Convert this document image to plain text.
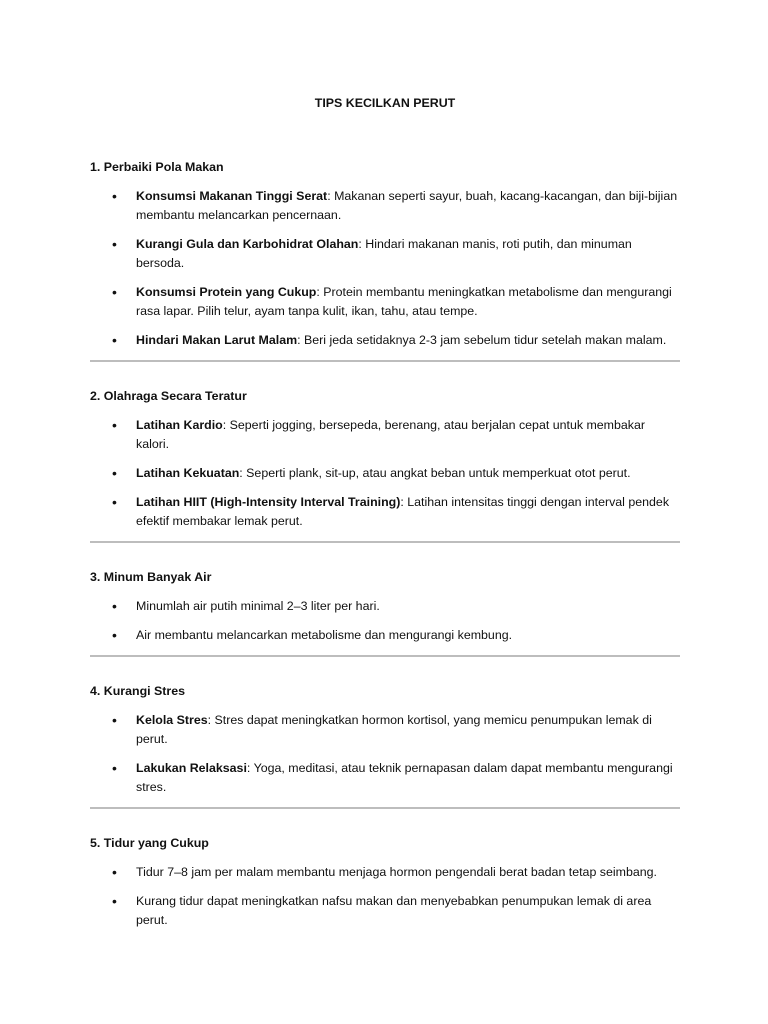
TIPS KECILKAN PERUT
1. Perbaiki Pola Makan
• Konsumsi Makanan Tinggi Serat: Makanan seperti sayur, buah, kacang-kacangan, dan biji-bijian membantu melancarkan pencernaan.
• Kurangi Gula dan Karbohidrat Olahan: Hindari makanan manis, roti putih, dan minuman bersoda.
• Konsumsi Protein yang Cukup: Protein membantu meningkatkan metabolisme dan mengurangi rasa lapar. Pilih telur, ayam tanpa kulit, ikan, tahu, atau tempe.
• Hindari Makan Larut Malam: Beri jeda setidaknya 2-3 jam sebelum tidur setelah makan malam.
2. Olahraga Secara Teratur
• Latihan Kardio: Seperti jogging, bersepeda, berenang, atau berjalan cepat untuk membakar kalori.
• Latihan Kekuatan: Seperti plank, sit-up, atau angkat beban untuk memperkuat otot perut.
• Latihan HIIT (High-Intensity Interval Training): Latihan intensitas tinggi dengan interval pendek efektif membakar lemak perut.
3. Minum Banyak Air
• Minumlah air putih minimal 2–3 liter per hari.
• Air membantu melancarkan metabolisme dan mengurangi kembung.
4. Kurangi Stres
• Kelola Stres: Stres dapat meningkatkan hormon kortisol, yang memicu penumpukan lemak di perut.
• Lakukan Relaksasi: Yoga, meditasi, atau teknik pernapasan dalam dapat membantu mengurangi stres.
5. Tidur yang Cukup
• Tidur 7–8 jam per malam membantu menjaga hormon pengendali berat badan tetap seimbang.
• Kurang tidur dapat meningkatkan nafsu makan dan menyebabkan penumpukan lemak di area perut.
